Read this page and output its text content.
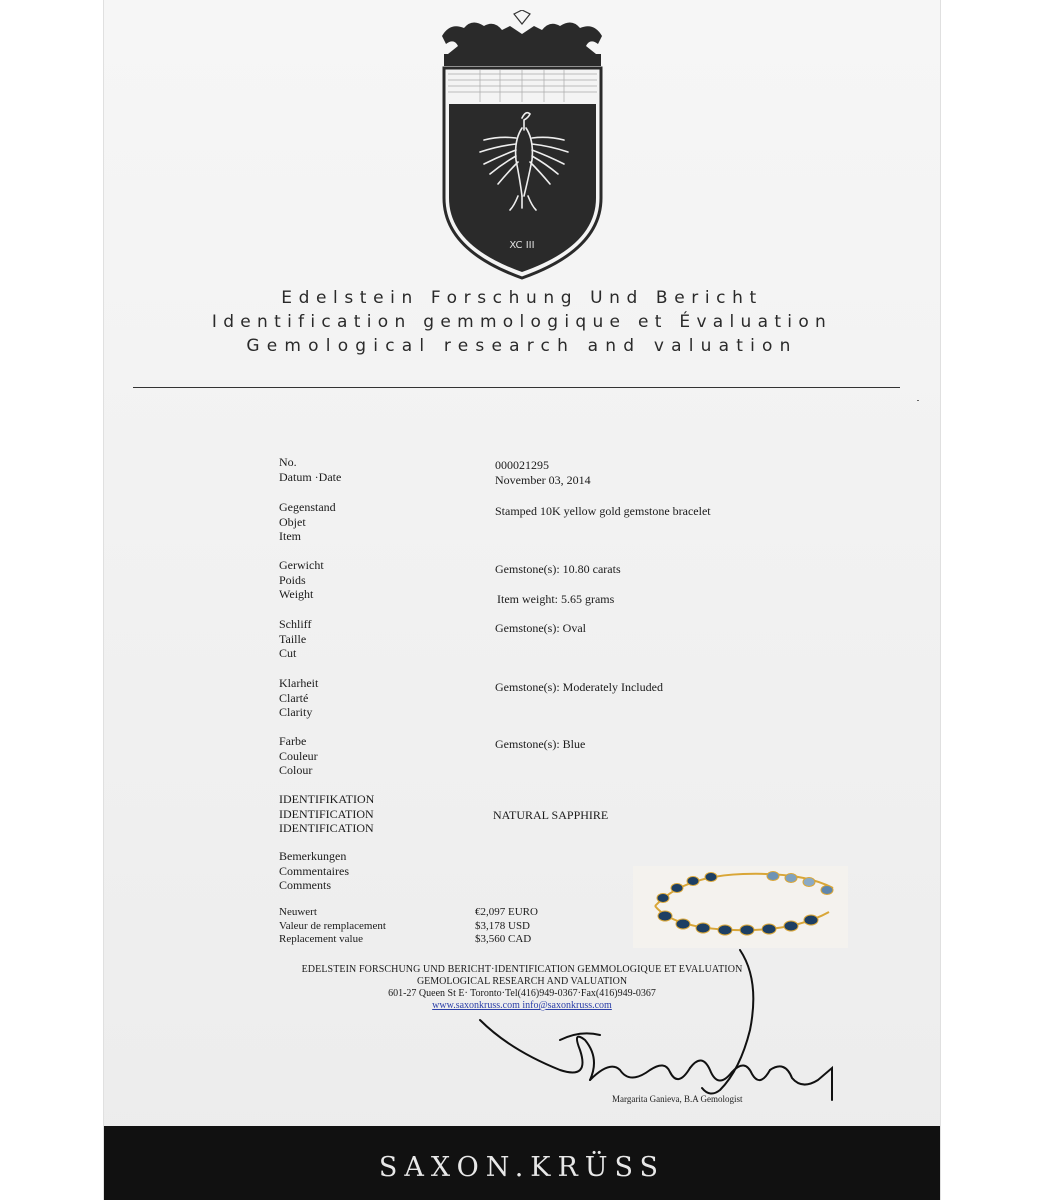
XC III
Edelstein Forschung Und Bericht
Identification gemmologique et Évaluation
Gemological research and valuation
No.	000021295
Datum ·Date	November 03, 2014
Gegenstand
Objet
Item
Stamped 10K yellow gold gemstone bracelet
Gerwicht
Poids
Weight
Gemstone(s): 10.80 carats
Item weight: 5.65 grams
Schliff
Taille
Cut
Gemstone(s): Oval
Klarheit
Clarté
Clarity
Gemstone(s): Moderately Included
Farbe
Couleur
Colour
Gemstone(s): Blue
IDENTIFIKATION
IDENTIFICATION
IDENTIFICATION
NATURAL SAPPHIRE
Bemerkungen
Commentaires
Comments
Neuwert
Valeur de remplacement
Replacement value
€2,097 EURO
$3,178 USD
$3,560 CAD
EDELSTEIN FORSCHUNG UND BERICHT·IDENTIFICATION GEMMOLOGIQUE ET EVALUATION
GEMOLOGICAL RESEARCH AND VALUATION
601-27 Queen St E· Toronto·Tel(416)949-0367·Fax(416)949-0367
www.saxonkruss.com info@saxonkruss.com
Margarita Ganieva, B.A Gemologist
SAXON.KRÜSS
